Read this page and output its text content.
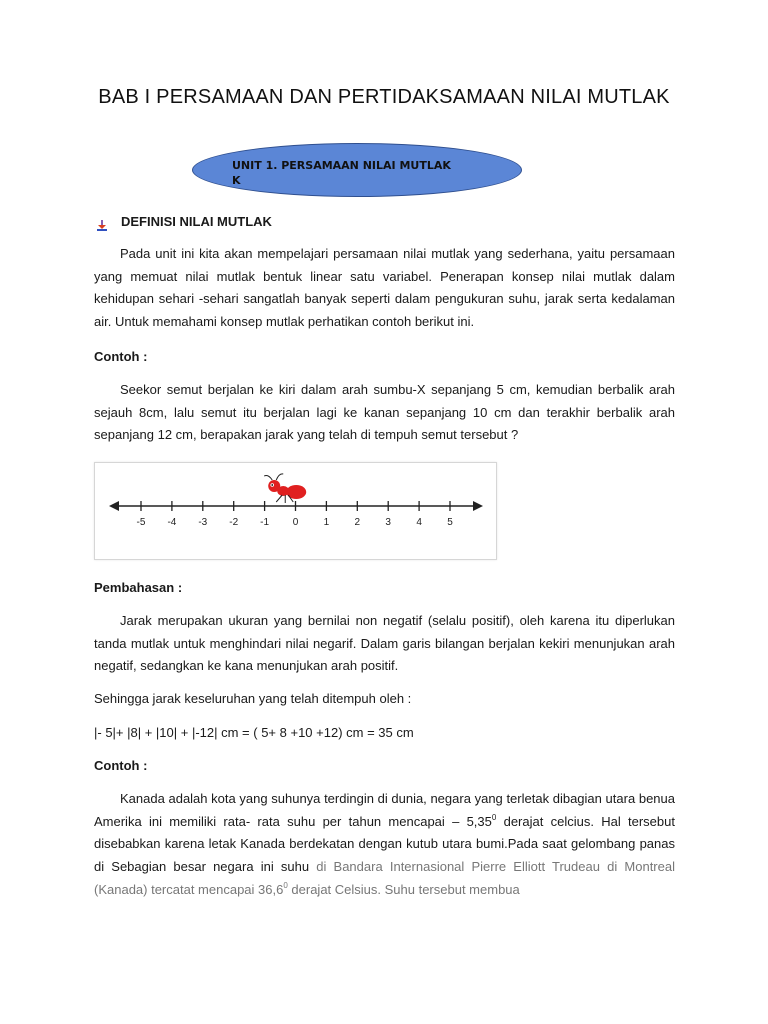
BAB I PERSAMAAN DAN PERTIDAKSAMAAN NILAI MUTLAK
UNIT 1. PERSAMAAN NILAI MUTLAK
K
DEFINISI NILAI MUTLAK
Pada unit ini kita akan mempelajari persamaan nilai mutlak yang sederhana, yaitu persamaan yang memuat nilai mutlak bentuk linear satu variabel. Penerapan konsep nilai mutlak dalam kehidupan sehari -sehari sangatlah banyak seperti dalam pengukuran suhu, jarak serta kedalaman air. Untuk memahami konsep mutlak perhatikan contoh berikut ini.
Contoh :
Seekor semut berjalan ke kiri dalam arah sumbu-X sepanjang 5 cm, kemudian berbalik arah sejauh 8cm, lalu semut itu berjalan lagi ke kanan sepanjang 10 cm dan terakhir berbalik arah sepanjang 12 cm, berapakan jarak yang telah di tempuh semut tersebut ?
-5 -4 -3 -2 -1 0	1	2	3	4	5
Pembahasan :
Jarak merupakan ukuran yang bernilai non negatif (selalu positif), oleh karena itu diperlukan tanda mutlak untuk menghindari nilai negarif. Dalam garis bilangan berjalan kekiri menunjukan arah negatif, sedangkan ke kana menunjukan arah positif.
Sehingga jarak keseluruhan yang telah ditempuh oleh :
|- 5|+ |8| + |10| + |-12| cm = ( 5+ 8 +10 +12) cm = 35 cm
Contoh :
Kanada adalah kota yang suhunya terdingin di dunia, negara yang terletak dibagian utara benua Amerika ini memiliki rata- rata suhu per tahun mencapai – 5,35$^0$ derajat celcius. Hal tersebut disebabkan karena letak Kanada berdekatan dengan kutub utara bumi.Pada saat gelombang panas di Sebagian besar negara ini suhu di Bandara Internasional Pierre Elliott Trudeau di Montreal (Kanada) tercatat mencapai 36,6$^0$ derajat Celsius. Suhu tersebut membua
